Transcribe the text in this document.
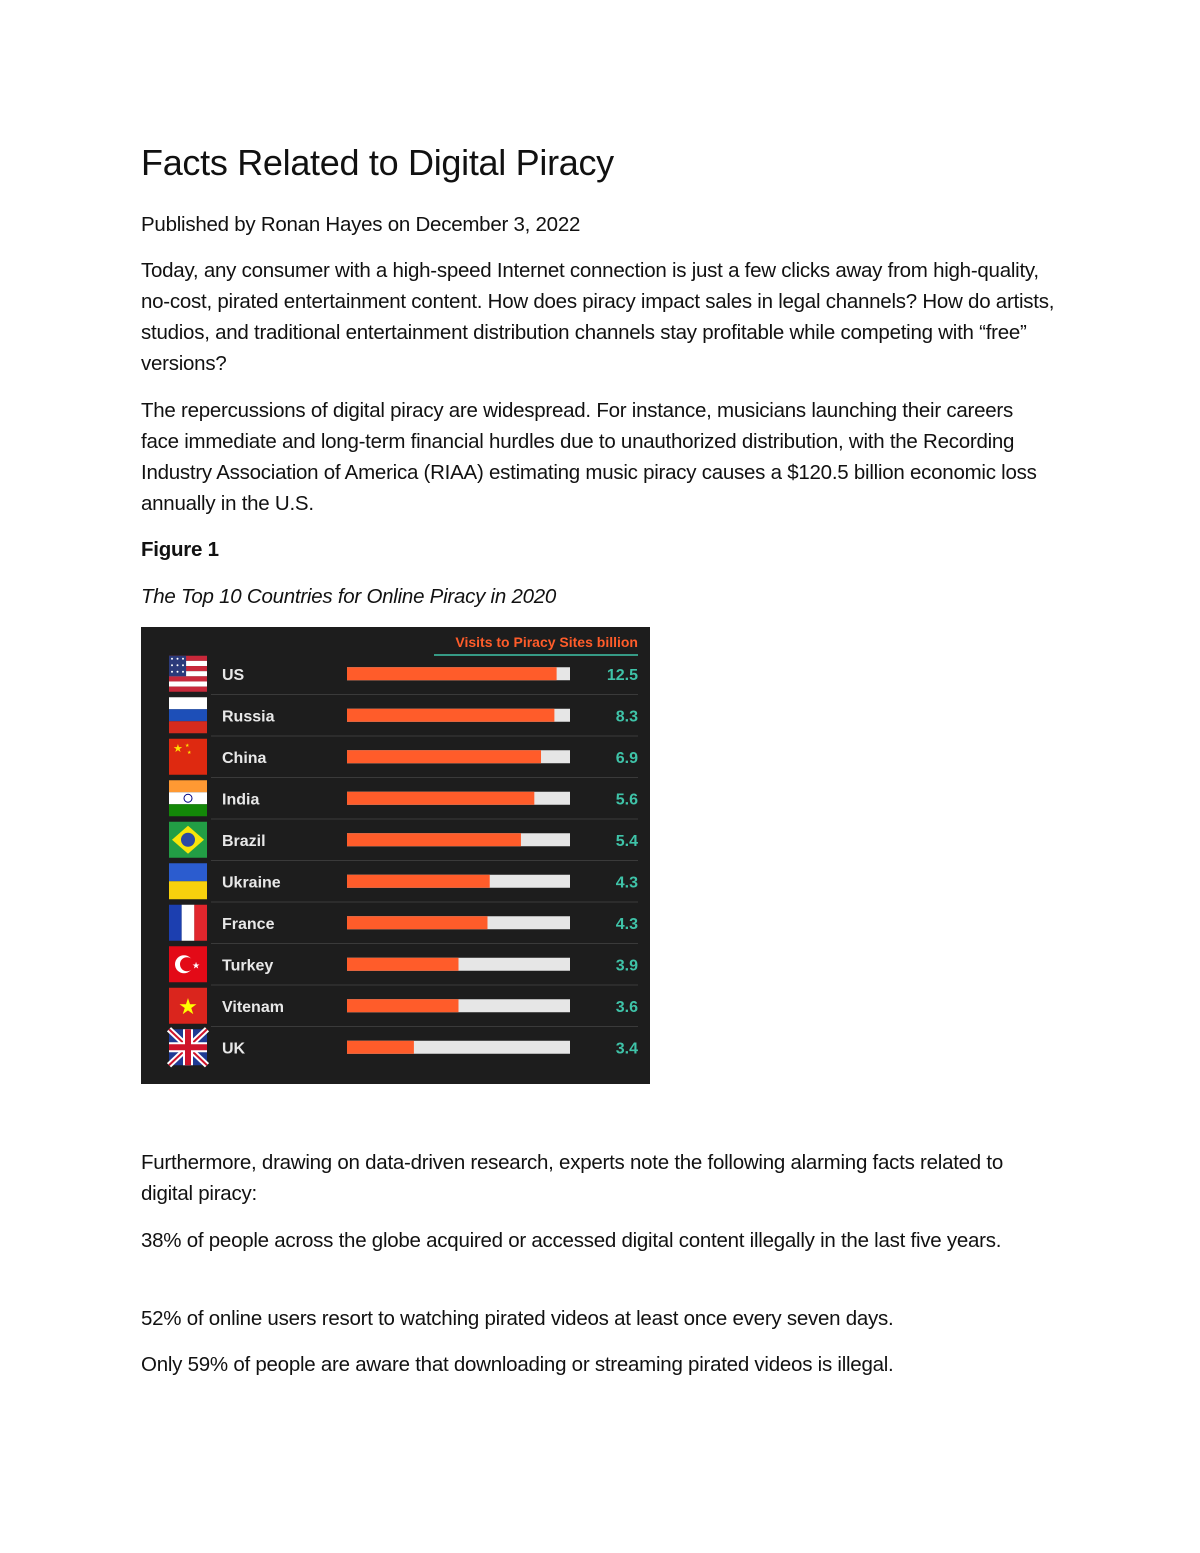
Facts Related to Digital Piracy

Published by Ronan Hayes on December 3, 2022

Today, any consumer with a high-speed Internet connection is just a few clicks away from high-quality, no-cost, pirated entertainment content. How does piracy impact sales in legal channels? How do artists, studios, and traditional entertainment distribution channels stay profitable while competing with “free” versions?

The repercussions of digital piracy are widespread. For instance, musicians launching their careers face immediate and long-term financial hurdles due to unauthorized distribution, with the Recording Industry Association of America (RIAA) estimating music piracy causes a $120.5 billion economic loss annually in the U.S.

Figure 1

The Top 10 Countries for Online Piracy in 2020

Visits to Piracy Sites billion
US	12.5
Russia	8.3
★ ★
★ China	6.9
India	5.6
Brazil	5.4
Ukraine	4.3
France	4.3
★ Turkey	3.9
★ Vitenam	3.6
UK	3.4

Furthermore, drawing on data-driven research, experts note the following alarming facts related to digital piracy:

38% of people across the globe acquired or accessed digital content illegally in the last five years.

52% of online users resort to watching pirated videos at least once every seven days.

Only 59% of people are aware that downloading or streaming pirated videos is illegal.
